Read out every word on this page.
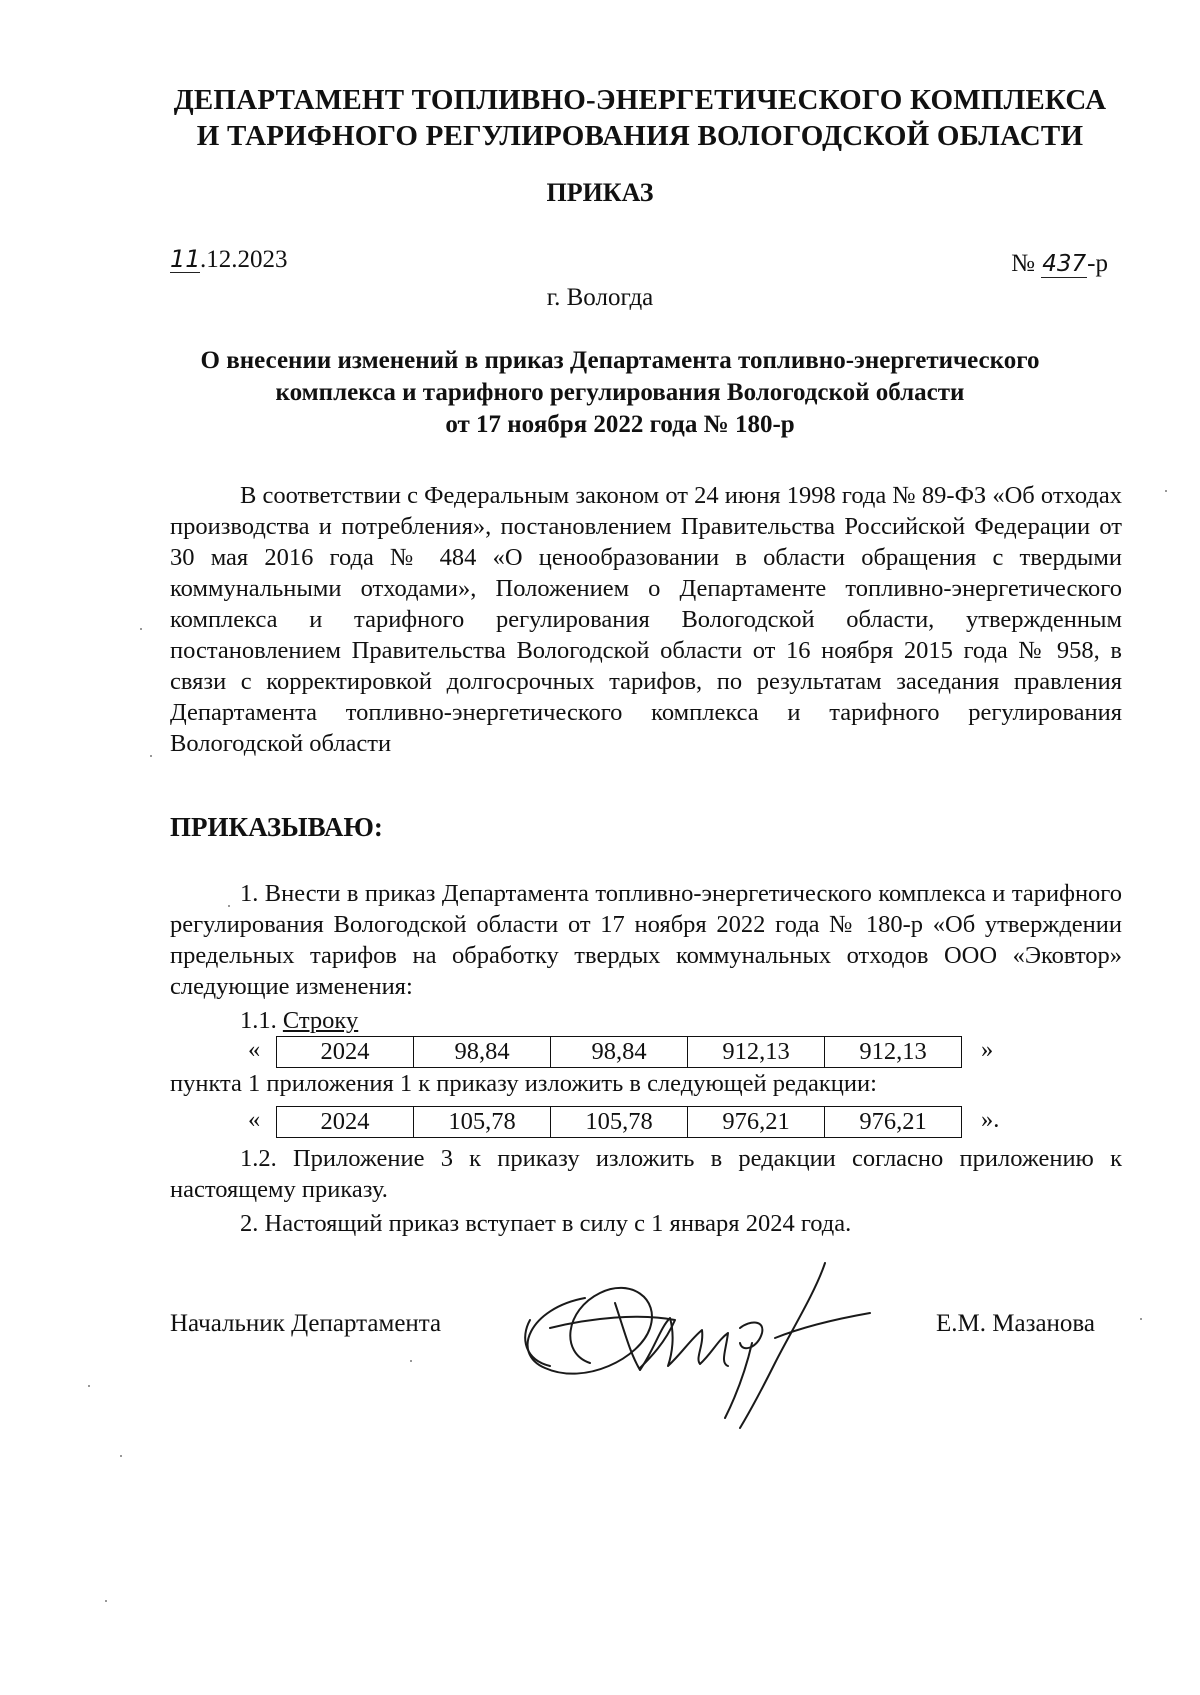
ДЕПАРТАМЕНТ ТОПЛИВНО-ЭНЕРГЕТИЧЕСКОГО КОМПЛЕКСА
И ТАРИФНОГО РЕГУЛИРОВАНИЯ ВОЛОГОДСКОЙ ОБЛАСТИ
ПРИКАЗ
11.12.2023	№ 437-р
г. Вологда
О внесении изменений в приказ Департамента топливно-энергетического
комплекса и тарифного регулирования Вологодской области
от 17 ноября 2022 года № 180-р
В соответствии с Федеральным законом от 24 июня 1998 года № 89-ФЗ «Об отходах производства и потребления», постановлением Правительства Российской Федерации от 30 мая 2016 года № 484 «О ценообразовании в области обращения с твердыми коммунальными отходами», Положением о Департаменте топливно-энергетического комплекса и тарифного регулирования Вологодской области, утвержденным постановлением Правительства Вологодской области от 16 ноября 2015 года № 958, в связи с корректировкой долгосрочных тарифов, по результатам заседания правления Департамента топливно-энергетического комплекса и тарифного регулирования Вологодской области
ПРИКАЗЫВАЮ:
1. Внести в приказ Департамента топливно-энергетического комплекса и тарифного регулирования Вологодской области от 17 ноября 2022 года № 180-р «Об утверждении предельных тарифов на обработку твердых коммунальных отходов ООО «Эковтор» следующие изменения:
1.1. Строку
« 2024	98,84	98,84	912,13	912,13 »
пункта 1 приложения 1 к приказу изложить в следующей редакции:
« 2024	105,78	105,78	976,21	976,21 ».
1.2. Приложение 3 к приказу изложить в редакции согласно приложению к настоящему приказу.
2. Настоящий приказ вступает в силу с 1 января 2024 года.
Начальник Департамента	Е.М. Мазанова
